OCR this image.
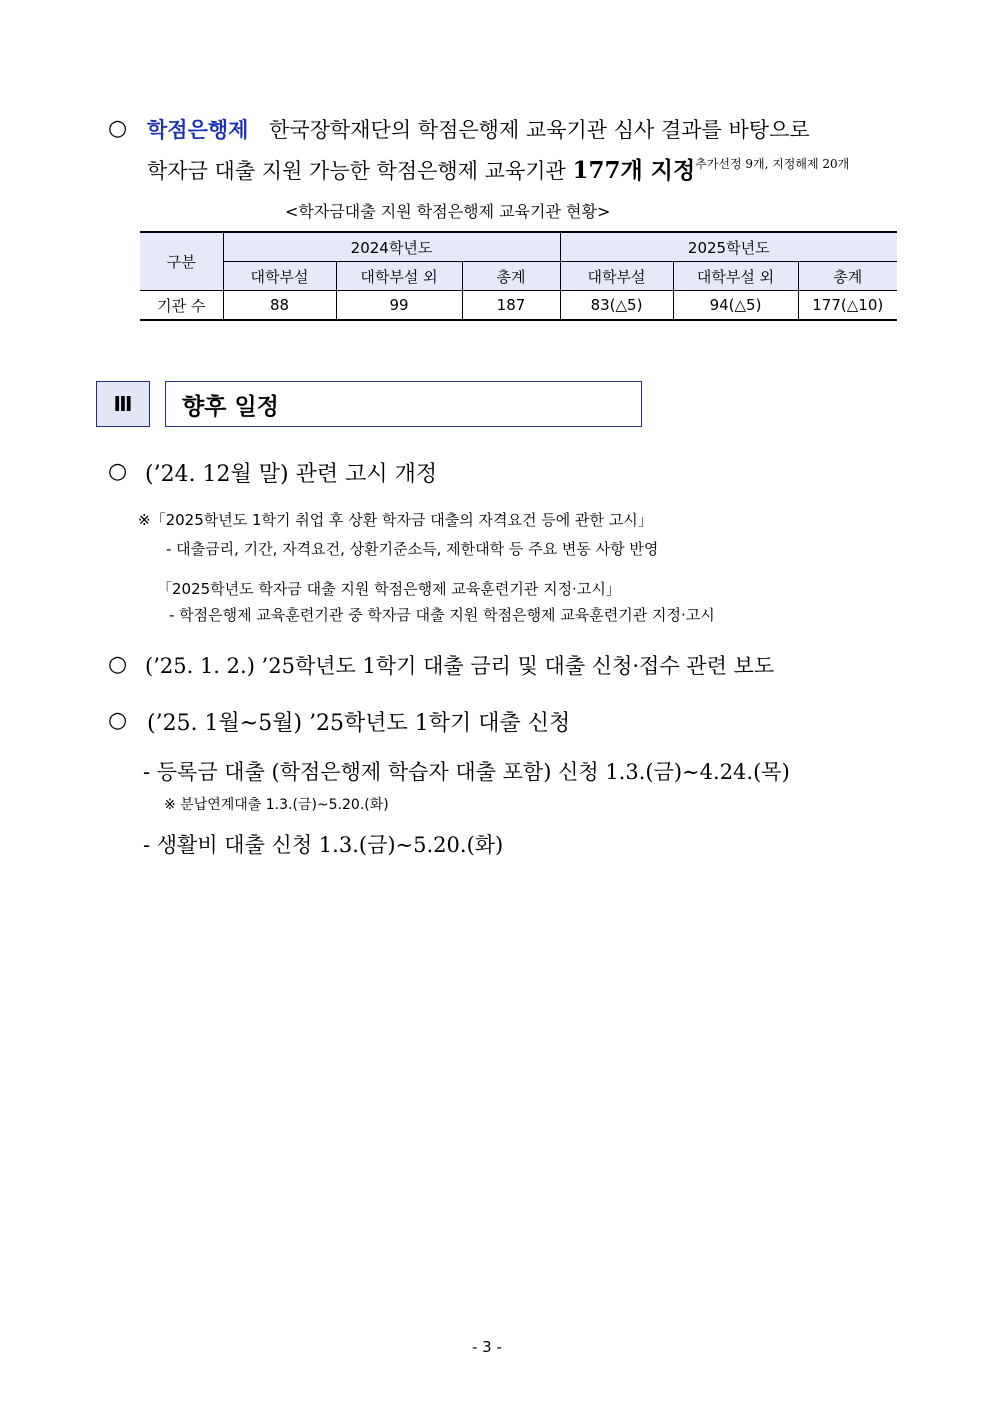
○ 학점은행제 한국장학재단의 학점은행제 교육기관 심사 결과를 바탕으로
학자금 대출 지원 가능한 학점은행제 교육기관 177개 지정$^{추가선정 9개, 지정해제 20개}$
<학자금대출 지원 학점은행제 교육기관 현황>
구분	2024학년도			2025학년도		
	대학부설	대학부설 외	총계	대학부설	대학부설 외	총계
기관 수	88	99	187	83(△5)	94(△5)	177(△10)
Ⅲ	향후 일정
○ (’24. 12월 말) 관련 고시 개정
※「2025학년도 1학기 취업 후 상환 학자금 대출의 자격요건 등에 관한 고시」
- 대출금리, 기간, 자격요건, 상환기준소득, 제한대학 등 주요 변동 사항 반영
「2025학년도 학자금 대출 지원 학점은행제 교육훈련기관 지정·고시」
- 학점은행제 교육훈련기관 중 학자금 대출 지원 학점은행제 교육훈련기관 지정·고시
○ (’25. 1. 2.) ’25학년도 1학기 대출 금리 및 대출 신청·접수 관련 보도
○ (’25. 1월~5월) ’25학년도 1학기 대출 신청
- 등록금 대출 (학점은행제 학습자 대출 포함) 신청 1.3.(금)∼4.24.(목)
※ 분납연계대출 1.3.(금)~5.20.(화)
- 생활비 대출 신청 1.3.(금)∼5.20.(화)
- 3 -
